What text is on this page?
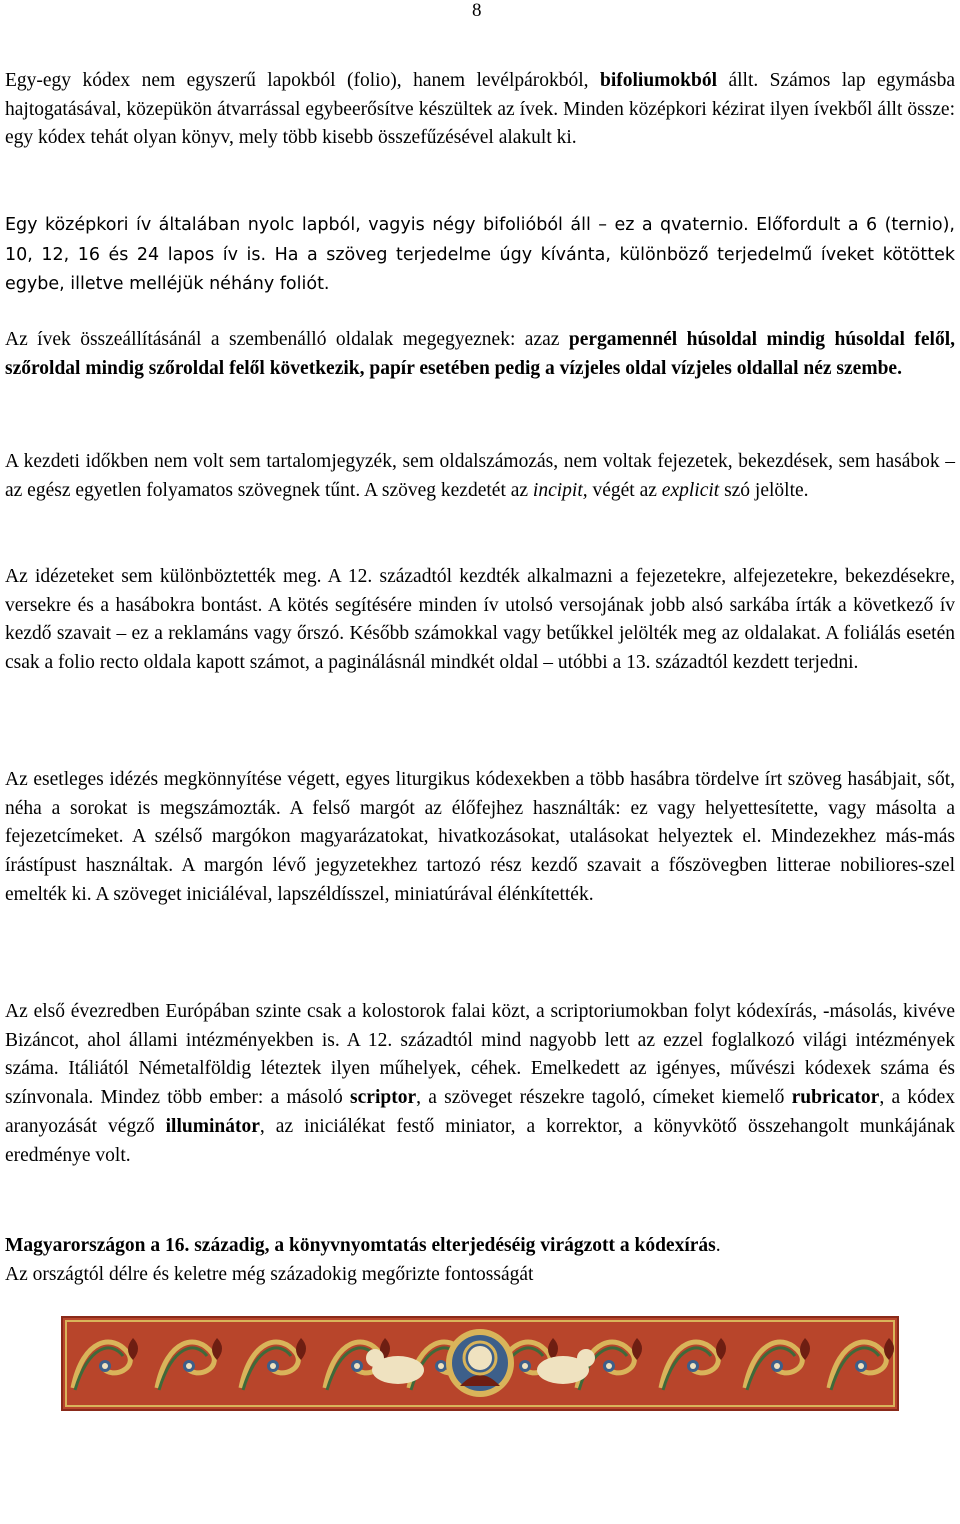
8

Egy-egy kódex nem egyszerű lapokból (folio), hanem levélpárokból, bifoliumokból állt. Számos lap egymásba hajtogatásával, közepükön átvarrással egybeerősítve készültek az ívek. Minden középkori kézirat ilyen ívekből állt össze: egy kódex tehát olyan könyv, mely több kisebb összefűzésével alakult ki.

Egy középkori ív általában nyolc lapból, vagyis négy bifolióból áll – ez a qvaternio. Előfordult a 6 (ternio), 10, 12, 16 és 24 lapos ív is. Ha a szöveg terjedelme úgy kívánta, különböző terjedelmű íveket kötöttek egybe, illetve melléjük néhány foliót.

Az ívek összeállításánál a szembenálló oldalak megegyeznek: azaz pergamennél húsoldal mindig húsoldal felől, szőroldal mindig szőroldal felől következik, papír esetében pedig a vízjeles oldal vízjeles oldallal néz szembe.

A kezdeti időkben nem volt sem tartalomjegyzék, sem oldalszámozás, nem voltak fejezetek, bekezdések, sem hasábok – az egész egyetlen folyamatos szövegnek tűnt. A szöveg kezdetét az incipit, végét az explicit szó jelölte.

Az idézeteket sem különböztették meg. A 12. századtól kezdték alkalmazni a fejezetekre, alfejezetekre, bekezdésekre, versekre és a hasábokra bontást. A kötés segítésére minden ív utolsó versojának jobb alsó sarkába írták a következő ív kezdő szavait – ez a reklamáns vagy őrszó. Később számokkal vagy betűkkel jelölték meg az oldalakat. A foliálás esetén csak a folio recto oldala kapott számot, a paginálásnál mindkét oldal – utóbbi a 13. századtól kezdett terjedni.

Az esetleges idézés megkönnyítése végett, egyes liturgikus kódexekben a több hasábra tördelve írt szöveg hasábjait, sőt, néha a sorokat is megszámozták. A felső margót az élőfejhez használták: ez vagy helyettesítette, vagy másolta a fejezetcímeket. A szélső margókon magyarázatokat, hivatkozásokat, utalásokat helyeztek el. Mindezekhez más-más írástípust használtak. A margón lévő jegyzetekhez tartozó rész kezdő szavait a főszövegben litterae nobiliores-szel emelték ki. A szöveget iniciáléval, lapszéldísszel, miniatúrával élénkítették.

Az első évezredben Európában szinte csak a kolostorok falai közt, a scriptoriumokban folyt kódexírás, -másolás, kivéve Bizáncot, ahol állami intézményekben is. A 12. századtól mind nagyobb lett az ezzel foglalkozó világi intézmények száma. Itáliától Németalföldig léteztek ilyen műhelyek, céhek. Emelkedett az igényes, művészi kódexek száma és színvonala. Mindez több ember: a másoló scriptor, a szöveget részekre tagoló, címeket kiemelő rubricator, a kódex aranyozását végző illuminátor, az iniciálékat festő miniator, a korrektor, a könyvkötő összehangolt munkájának eredménye volt.

Magyarországon a 16. századig, a könyvnyomtatás elterjedéséig virágzott a kódexírás.
Az országtól délre és keletre még századokig megőrizte fontosságát
